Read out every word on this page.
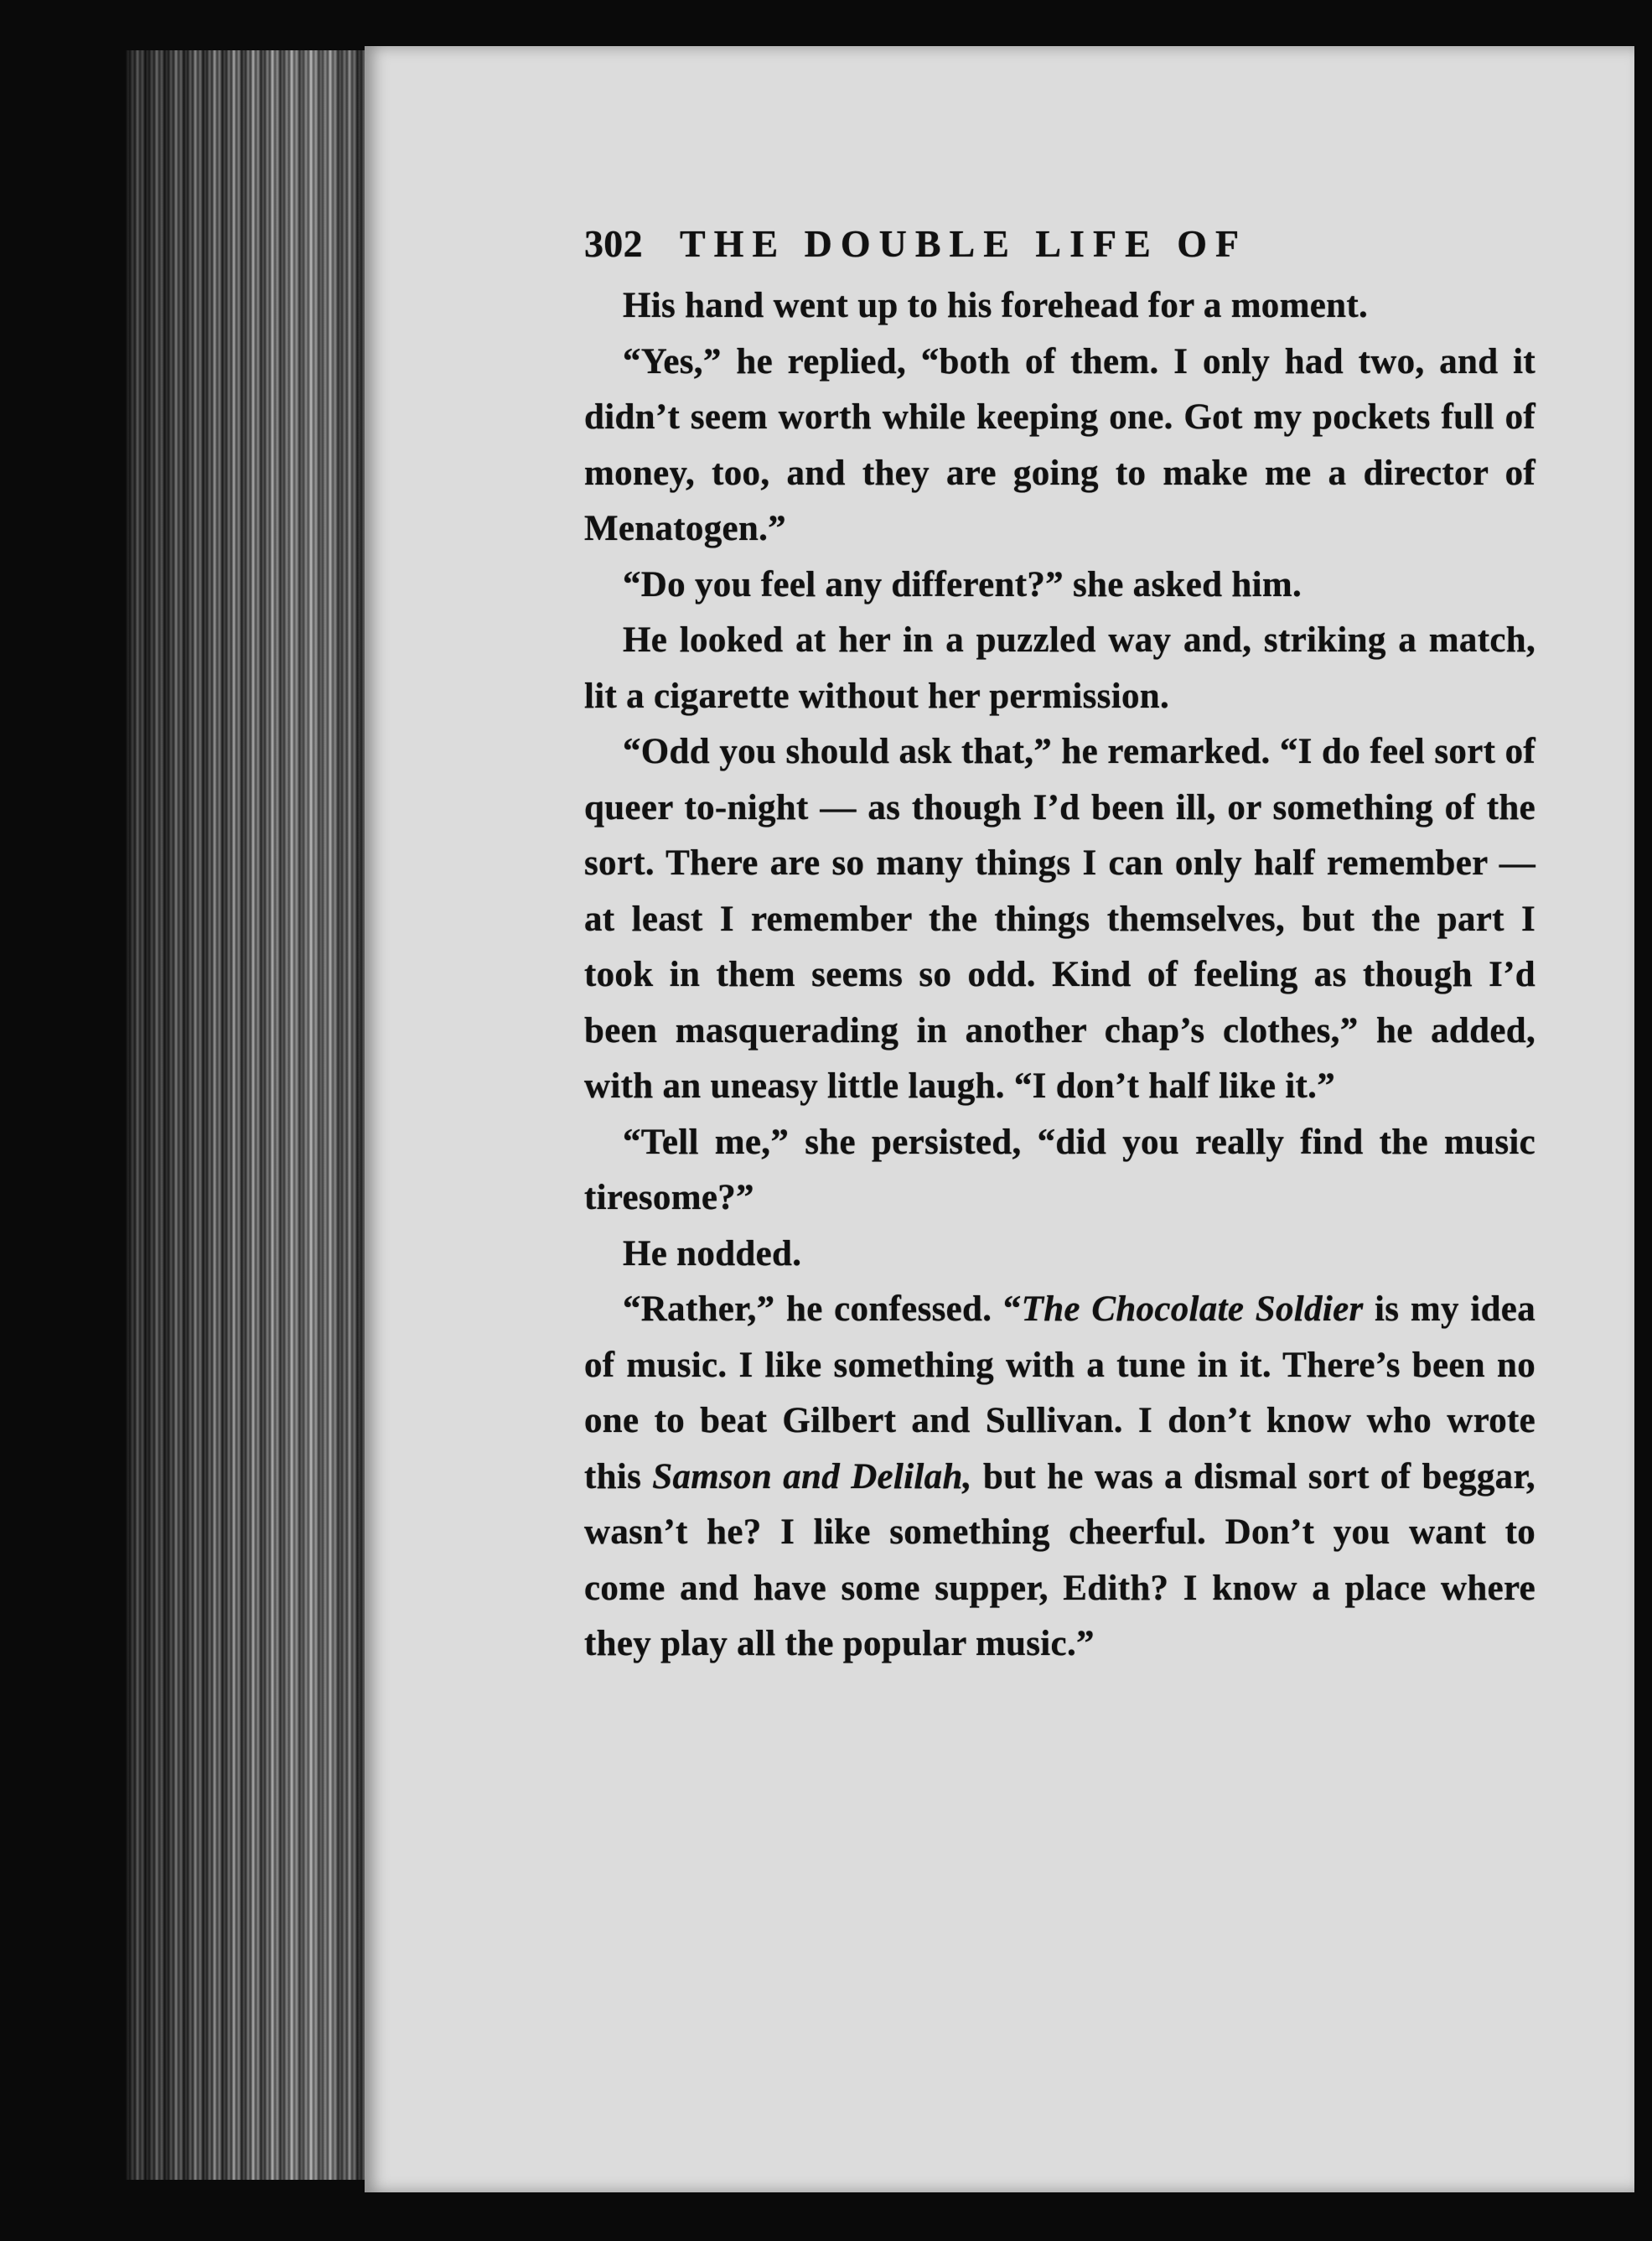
302 THE DOUBLE LIFE OF

His hand went up to his forehead for a moment.

“Yes,” he replied, “both of them. I only had two, and it didn’t seem worth while keeping one. Got my pockets full of money, too, and they are going to make me a director of Menatogen.”

“Do you feel any different?” she asked him.

He looked at her in a puzzled way and, striking a match, lit a cigarette without her permission.

“Odd you should ask that,” he remarked. “I do feel sort of queer to-night — as though I’d been ill, or something of the sort. There are so many things I can only half remember — at least I remember the things themselves, but the part I took in them seems so odd. Kind of feeling as though I’d been masquerading in another chap’s clothes,” he added, with an uneasy little laugh. “I don’t half like it.”

“Tell me,” she persisted, “did you really find the music tiresome?”

He nodded.

“Rather,” he confessed. “The Chocolate Soldier is my idea of music. I like something with a tune in it. There’s been no one to beat Gilbert and Sullivan. I don’t know who wrote this Samson and Delilah, but he was a dismal sort of beggar, wasn’t he? I like something cheerful. Don’t you want to come and have some supper, Edith? I know a place where they play all the popular music.”
